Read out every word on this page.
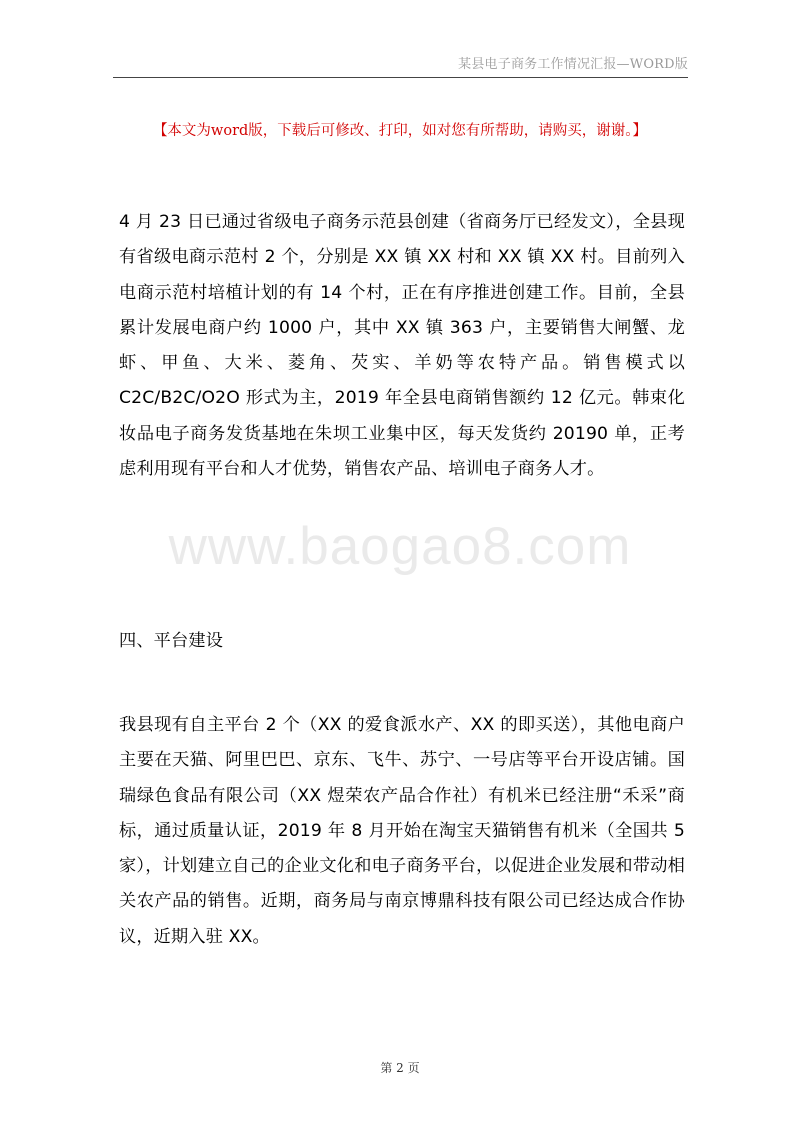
某县电子商务工作情况汇报—WORD版
【本文为word版，下载后可修改、打印，如对您有所帮助，请购买，谢谢。】

4 月 23 日已通过省级电子商务示范县创建（省商务厅已经发文），全县现有省级电商示范村 2 个，分别是 XX 镇 XX 村和 XX 镇 XX 村。目前列入电商示范村培植计划的有 14 个村，正在有序推进创建工作。目前，全县累计发展电商户约 1000 户，其中 XX 镇 363 户，主要销售大闸蟹、龙虾、甲鱼、大米、菱角、芡实、羊奶等农特产品。销售模式以 C2C/B2C/O2O 形式为主，2019 年全县电商销售额约 12 亿元。韩束化妆品电子商务发货基地在朱坝工业集中区，每天发货约 20190 单，正考虑利用现有平台和人才优势，销售农产品、培训电子商务人才。

www.baogao8.com
四、平台建设

我县现有自主平台 2 个（XX 的爱食派水产、XX 的即买送），其他电商户主要在天猫、阿里巴巴、京东、飞牛、苏宁、一号店等平台开设店铺。国瑞绿色食品有限公司（XX 煜荣农产品合作社）有机米已经注册“禾采”商标，通过质量认证，2019 年 8 月开始在淘宝天猫销售有机米（全国共 5 家），计划建立自己的企业文化和电子商务平台，以促进企业发展和带动相关农产品的销售。近期，商务局与南京博鼎科技有限公司已经达成合作协议，近期入驻 XX。

第 2 页
